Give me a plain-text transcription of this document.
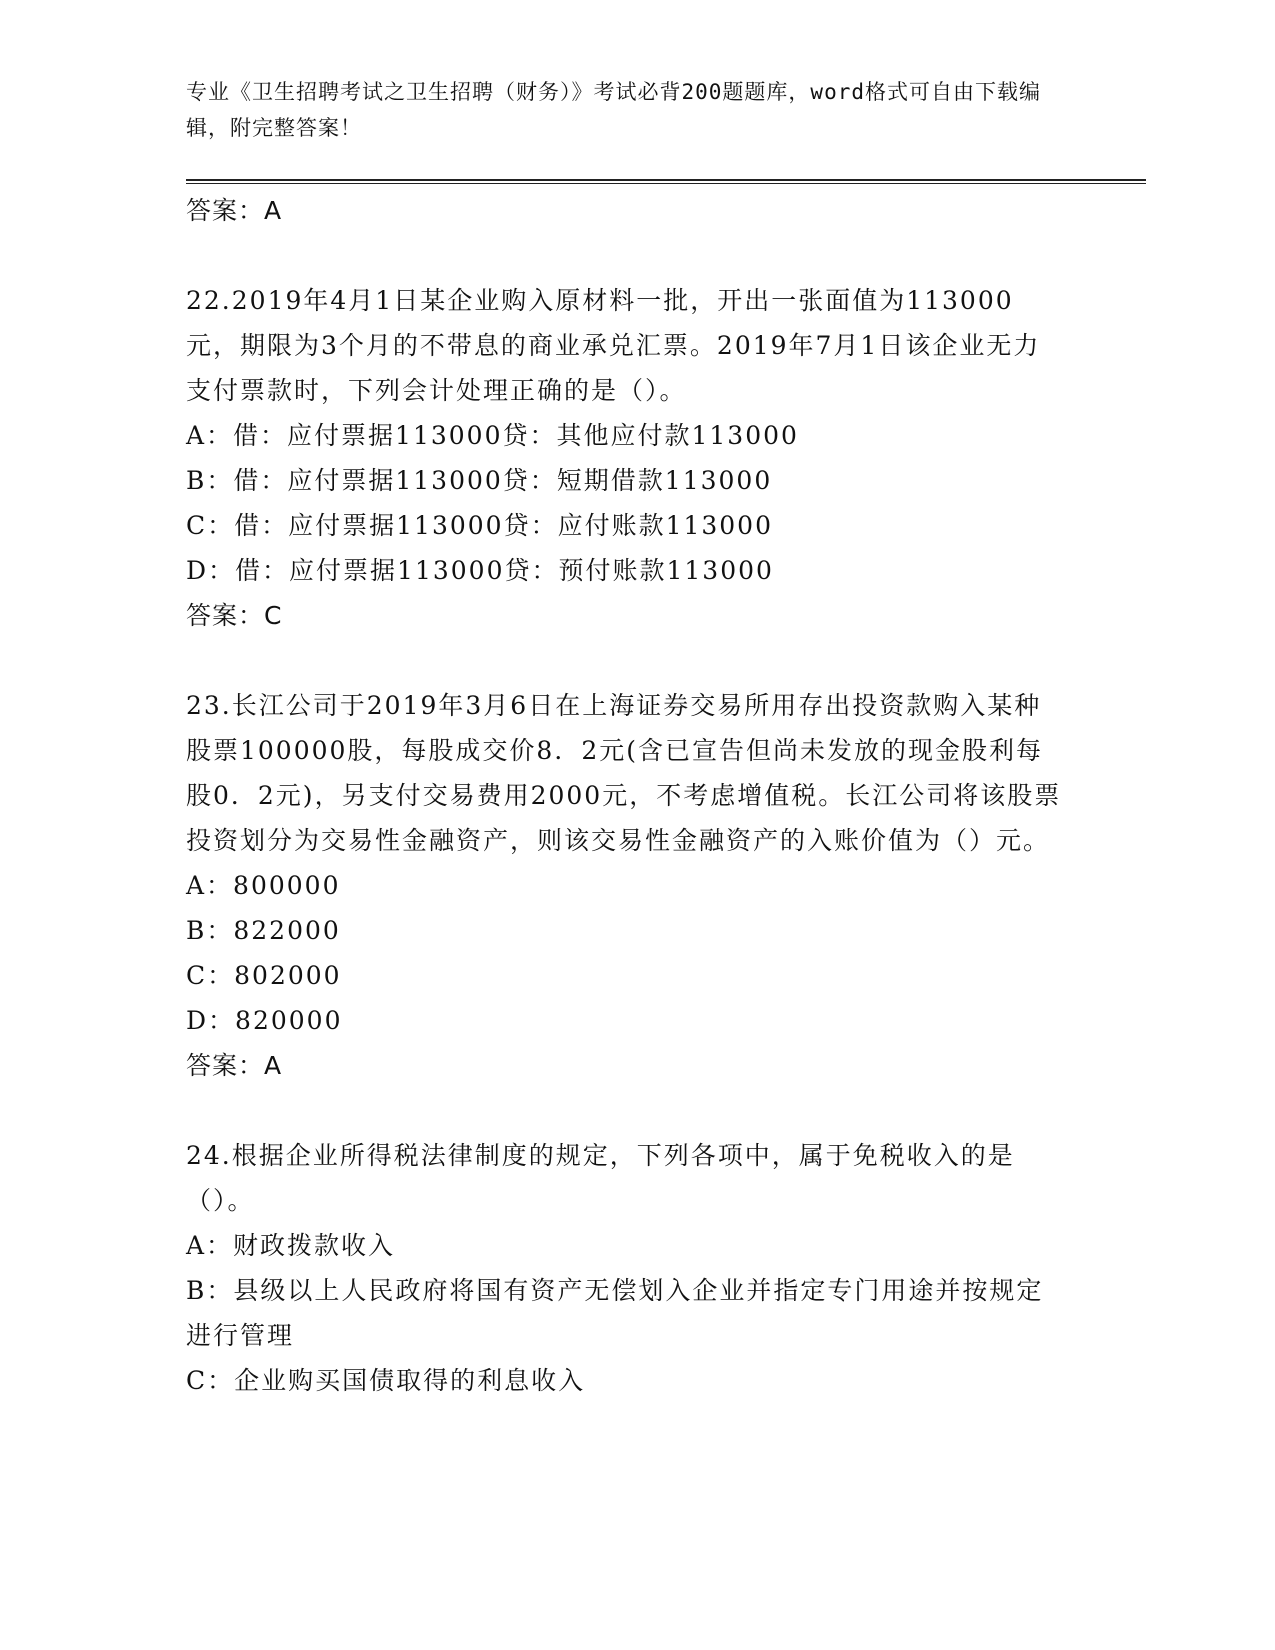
专业《卫生招聘考试之卫生招聘（财务）》考试必背200题题库，word格式可自由下载编辑，附完整答案！
答案：A

22.2019年4月1日某企业购入原材料一批，开出一张面值为113000元，期限为3个月的不带息的商业承兑汇票。2019年7月1日该企业无力支付票款时，下列会计处理正确的是（）。

A：借：应付票据113000贷：其他应付款113000

B：借：应付票据113000贷：短期借款113000

C：借：应付票据113000贷：应付账款113000

D：借：应付票据113000贷：预付账款113000

答案：C

23.长江公司于2019年3月6日在上海证券交易所用存出投资款购入某种股票100000股，每股成交价8．2元(含已宣告但尚未发放的现金股利每股0．2元)，另支付交易费用2000元，不考虑增值税。长江公司将该股票投资划分为交易性金融资产，则该交易性金融资产的入账价值为（）元。

A：800000

B：822000

C：802000

D：820000

答案：A

24.根据企业所得税法律制度的规定，下列各项中，属于免税收入的是（）。

A：财政拨款收入

B：县级以上人民政府将国有资产无偿划入企业并指定专门用途并按规定进行管理

C：企业购买国债取得的利息收入
